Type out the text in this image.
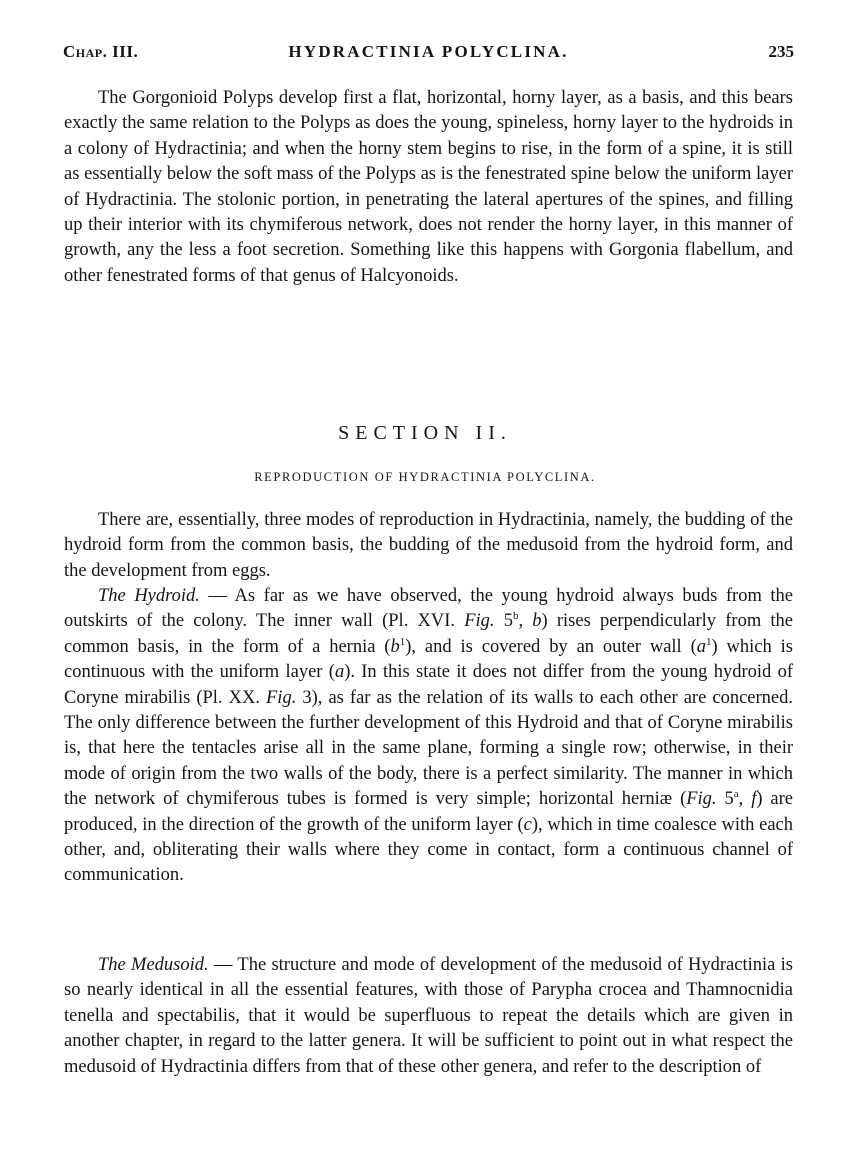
Chap. III.	HYDRACTINIA POLYCLINA.	235

The Gorgonioid Polyps develop first a flat, horizontal, horny layer, as a basis, and this bears exactly the same relation to the Polyps as does the young, spineless, horny layer to the hydroids in a colony of Hydractinia; and when the horny stem begins to rise, in the form of a spine, it is still as essentially below the soft mass of the Polyps as is the fenestrated spine below the uniform layer of Hydractinia. The stolonic portion, in penetrating the lateral apertures of the spines, and filling up their interior with its chymiferous network, does not render the horny layer, in this manner of growth, any the less a foot secretion. Something like this happens with Gorgonia flabellum, and other fenestrated forms of that genus of Halcyonoids.

SECTION II.
REPRODUCTION OF HYDRACTINIA POLYCLINA.

There are, essentially, three modes of reproduction in Hydractinia, namely, the budding of the hydroid form from the common basis, the budding of the medusoid from the hydroid form, and the development from eggs.

The Hydroid. — As far as we have observed, the young hydroid always buds from the outskirts of the colony. The inner wall (Pl. XVI. Fig. 5$^b$, b) rises perpendicularly from the common basis, in the form of a hernia $(b^1)$, and is covered by an outer wall $(a^1)$ which is continuous with the uniform layer (a). In this state it does not differ from the young hydroid of Coryne mirabilis (Pl. XX. Fig. 3), as far as the relation of its walls to each other are concerned. The only difference between the further development of this Hydroid and that of Coryne mirabilis is, that here the tentacles arise all in the same plane, forming a single row; otherwise, in their mode of origin from the two walls of the body, there is a perfect similarity. The manner in which the network of chymiferous tubes is formed is very simple; horizontal herniæ (Fig. 5$^a$, f) are produced, in the direction of the growth of the uniform layer (c), which in time coalesce with each other, and, obliterating their walls where they come in contact, form a continuous channel of communication.

The Medusoid. — The structure and mode of development of the medusoid of Hydractinia is so nearly identical in all the essential features, with those of Parypha crocea and Thamnocnidia tenella and spectabilis, that it would be superfluous to repeat the details which are given in another chapter, in regard to the latter genera. It will be sufficient to point out in what respect the medusoid of Hydractinia differs from that of these other genera, and refer to the description of
